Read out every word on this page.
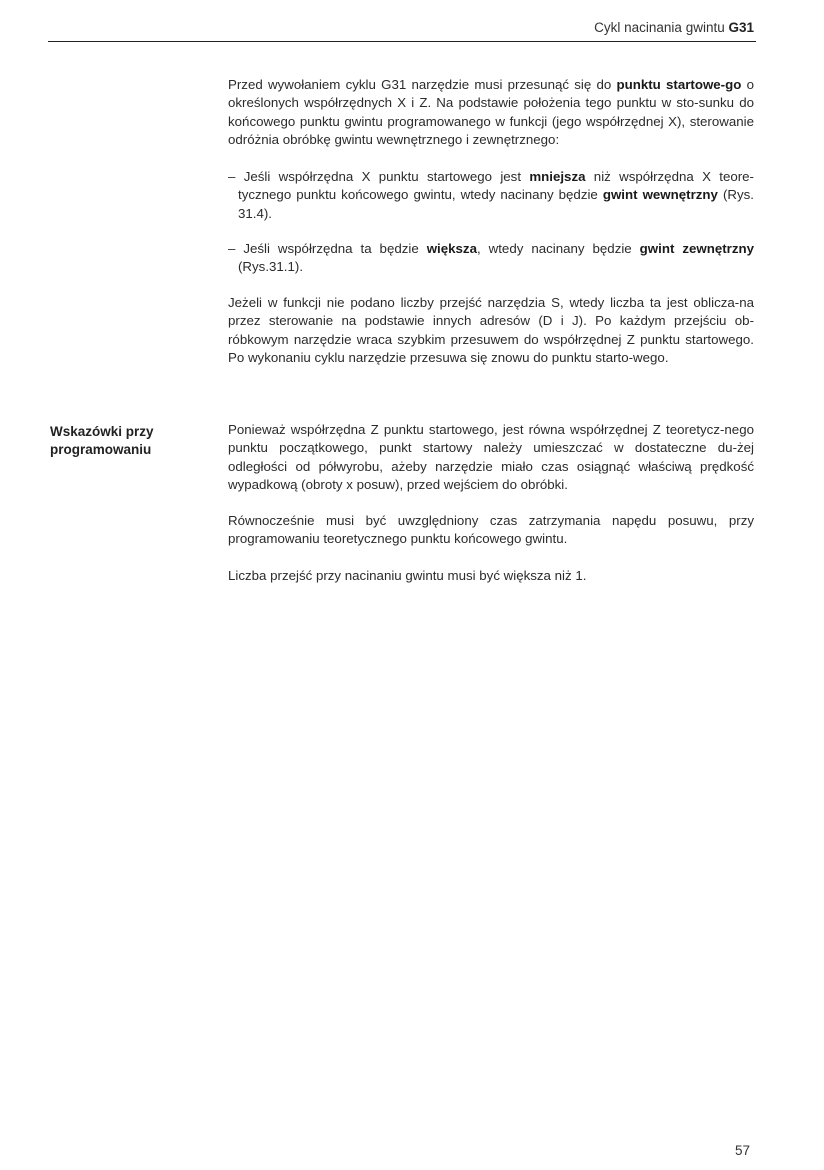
Cykl nacinania gwintu G31

Przed wywołaniem cyklu G31 narzędzie musi przesunąć się do punktu startowe-go o określonych współrzędnych X i Z. Na podstawie położenia tego punktu w sto-sunku do końcowego punktu gwintu programowanego w funkcji (jego współrzędnej X), sterowanie odróżnia obróbkę gwintu wewnętrznego i zewnętrznego:

– Jeśli współrzędna X punktu startowego jest mniejsza niż współrzędna X teore-tycznego punktu końcowego gwintu, wtedy nacinany będzie gwint wewnętrzny (Rys. 31.4).

– Jeśli współrzędna ta będzie większa, wtedy nacinany będzie gwint zewnętrzny (Rys.31.1).

Jeżeli w funkcji nie podano liczby przejść narzędzia S, wtedy liczba ta jest oblicza-na przez sterowanie na podstawie innych adresów (D i J). Po każdym przejściu ob-róbkowym narzędzie wraca szybkim przesuwem do współrzędnej Z punktu startowego. Po wykonaniu cyklu narzędzie przesuwa się znowu do punktu starto-wego.

Wskazówki przy
programowaniu

Ponieważ współrzędna Z punktu startowego, jest równa współrzędnej Z teoretycz-nego punktu początkowego, punkt startowy należy umieszczać w dostateczne du-żej odległości od półwyrobu, ażeby narzędzie miało czas osiągnąć właściwą prędkość wypadkową (obroty x posuw), przed wejściem do obróbki.

Równocześnie musi być uwzględniony czas zatrzymania napędu posuwu, przy programowaniu teoretycznego punktu końcowego gwintu.

Liczba przejść przy nacinaniu gwintu musi być większa niż 1.

57
